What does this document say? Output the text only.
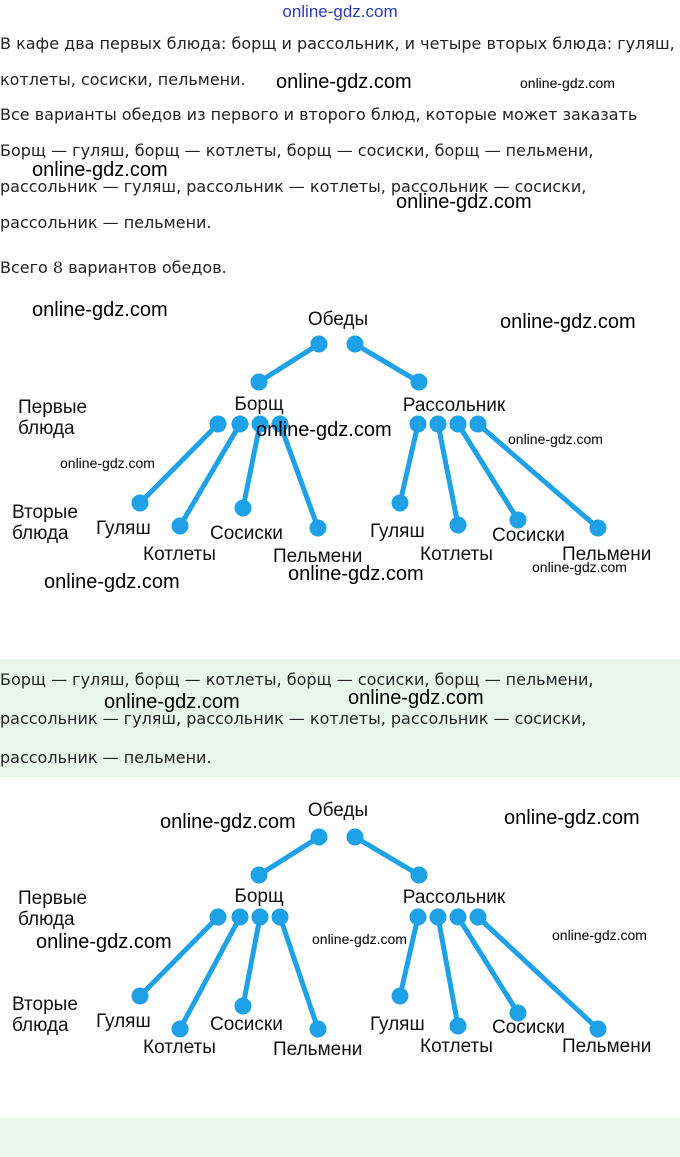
online-gdz.com

В кафе два первых блюда: борщ и рассольник, и четыре вторых блюда: гуляш,

котлеты, сосиски, пельмени.

Все варианты обедов из первого и второго блюд, которые может заказать

Борщ — гуляш, борщ — котлеты, борщ — сосиски, борщ — пельмени,

рассольник — гуляш, рассольник — котлеты, рассольник — сосиски,

рассольник — пельмени.

Всего 8 вариантов обедов.

Обеды
Борщ	Рассольник
Первые
блюда
Вторые
блюда Гуляш
Котлеты
Сосиски
Пельмени
Гуляш
Котлеты
Сосиски
Пельмени

Борщ — гуляш, борщ — котлеты, борщ — сосиски, борщ — пельмени,

рассольник — гуляш, рассольник — котлеты, рассольник — сосиски,

рассольник — пельмени.

Обеды
Борщ	Рассольник
Первые
блюда
Вторые
блюда Гуляш
Котлеты
Сосиски
Пельмени
Гуляш
Котлеты
Сосиски
Пельмени
online-gdz.com	online-gdz.com
online-gdz.com
online-gdz.com
online-gdz.com
online-gdz.com
online-gdz.com	online-gdz.com
online-gdz.com
online-gdz.com	online-gdz.com
online-gdz.com
online-gdz.com
online-gdz.com
online-gdz.com
online-gdz.com
online-gdz.com
online-gdz.com
online-gdz.com
